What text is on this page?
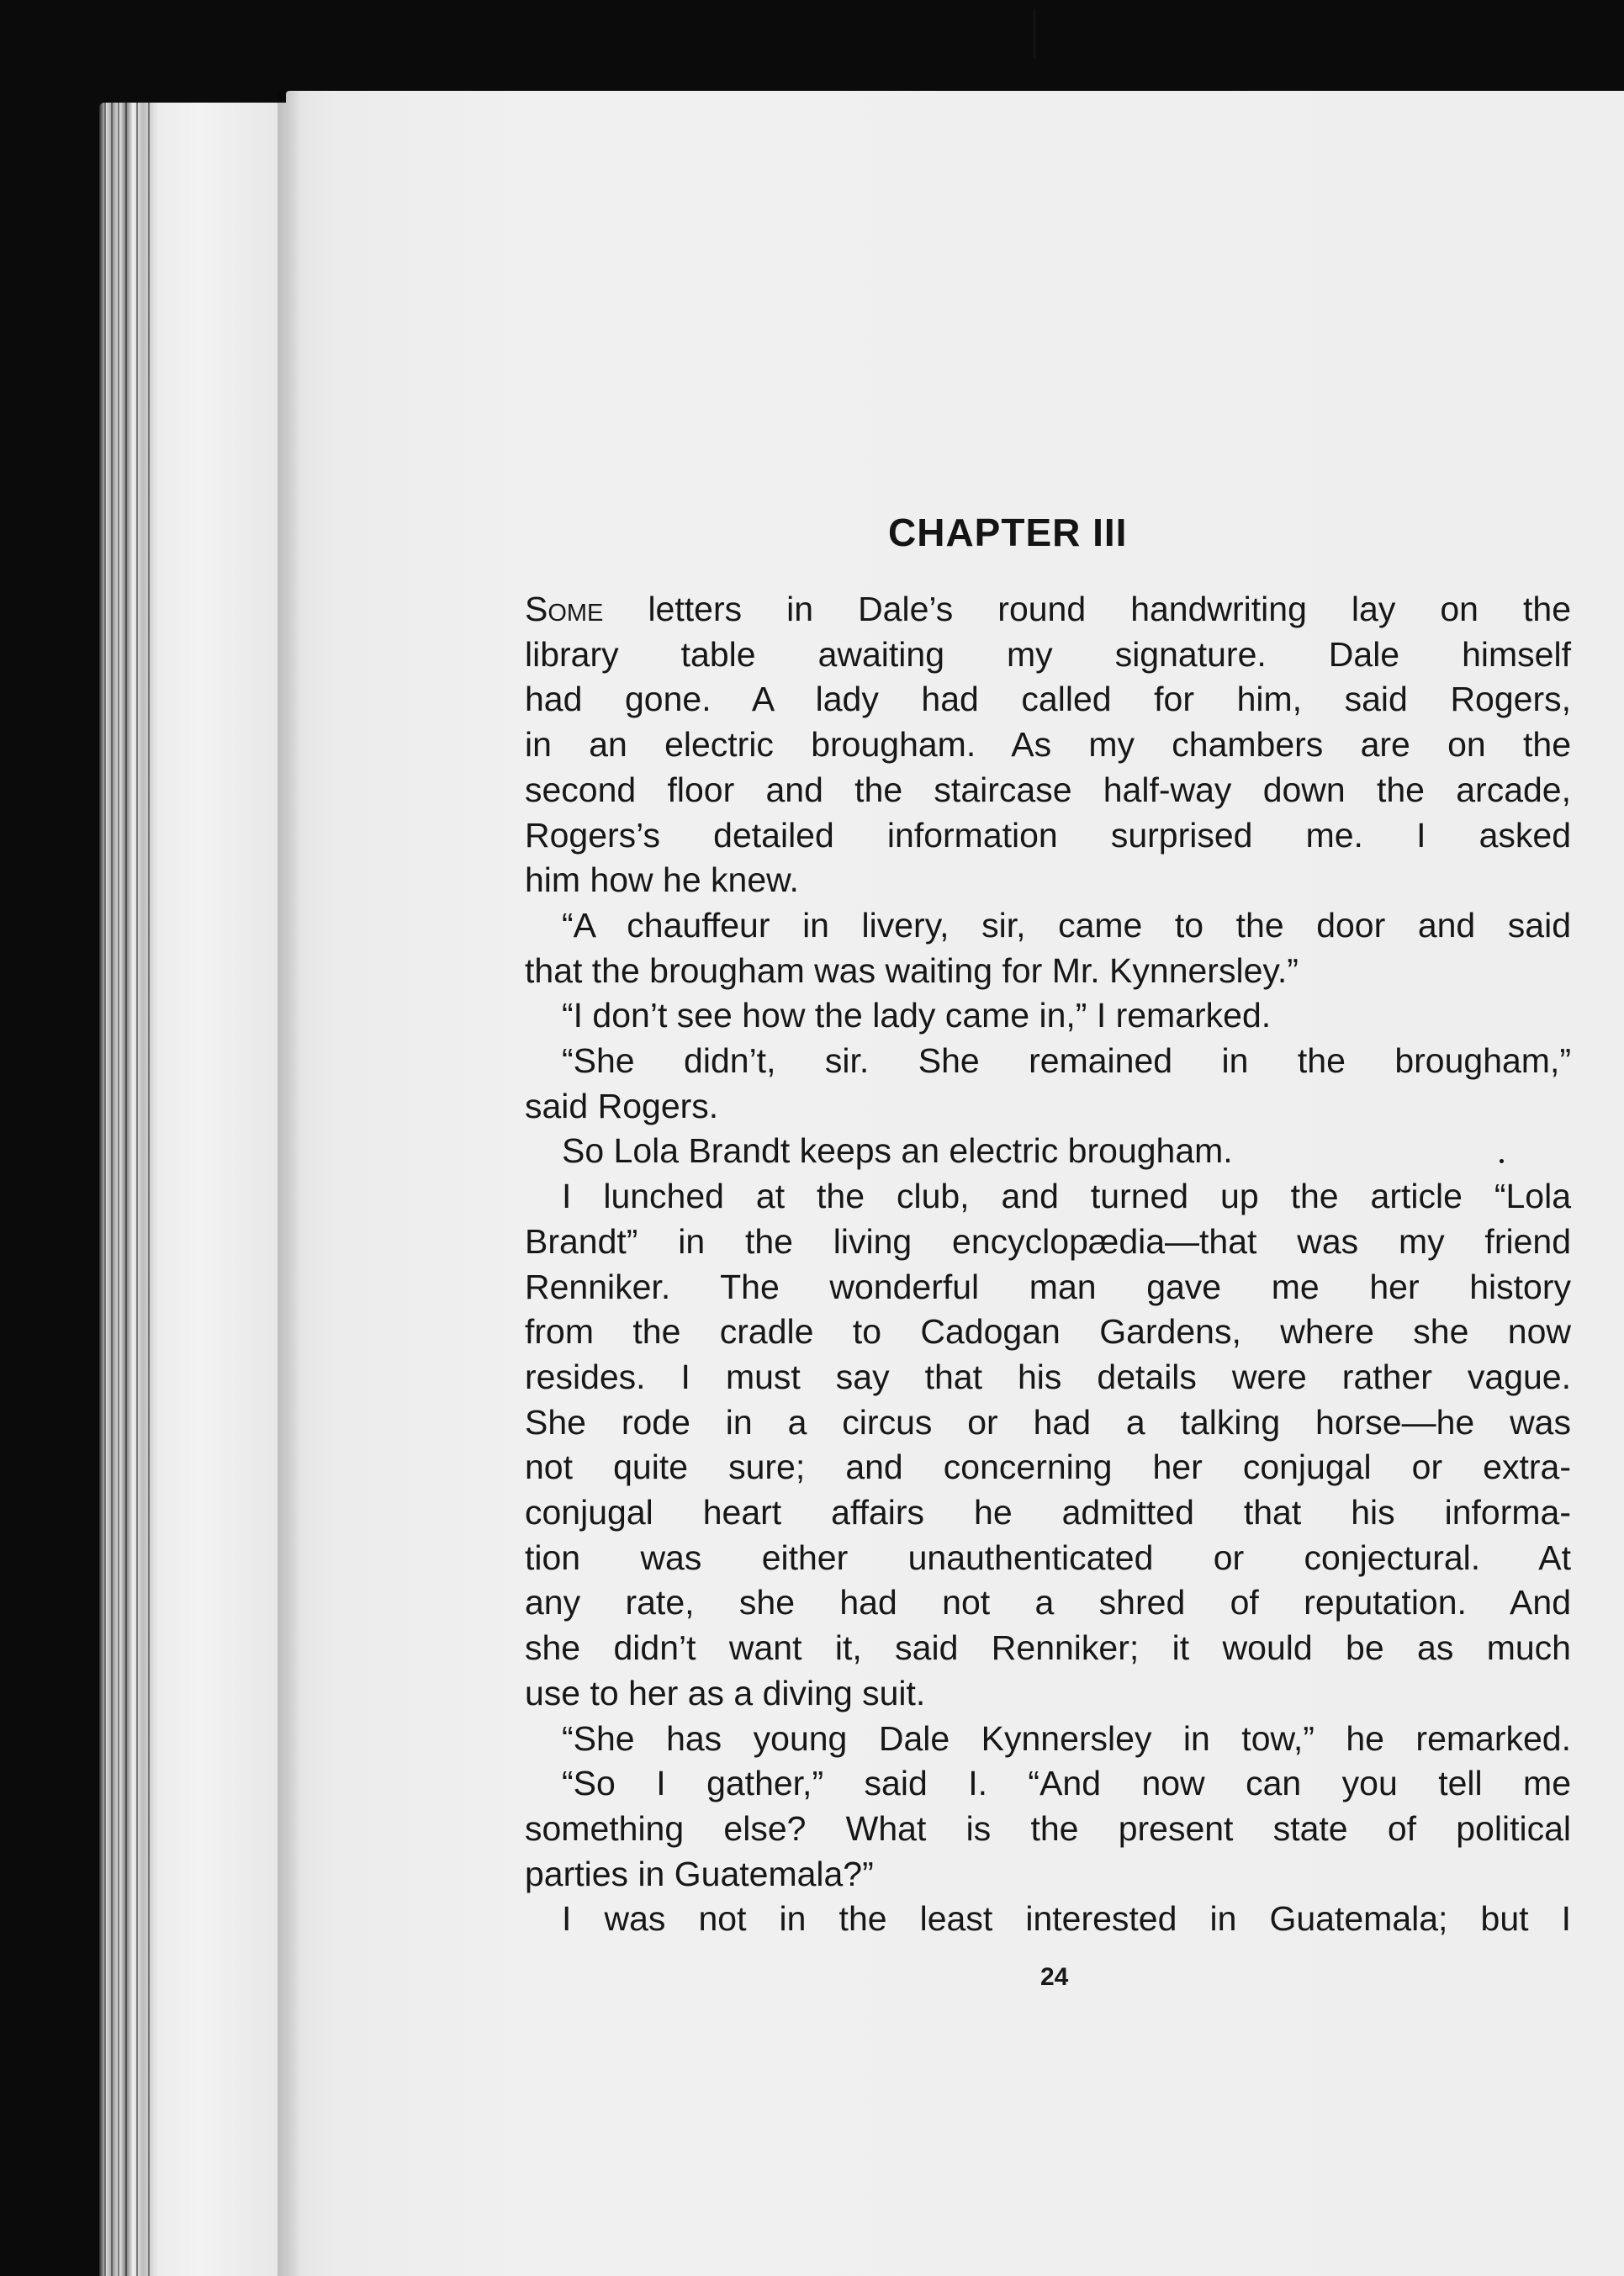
CHAPTER III
Some letters in Dale’s round handwriting lay on the
library table awaiting my signature. Dale himself
had gone. A lady had called for him, said Rogers,
in an electric brougham. As my chambers are on the
second floor and the staircase half-way down the arcade,
Rogers’s detailed information surprised me. I asked
him how he knew.
“A chauffeur in livery, sir, came to the door and said
that the brougham was waiting for Mr. Kynnersley.”
“I don’t see how the lady came in,” I remarked.
“She didn’t, sir. She remained in the brougham,”
said Rogers.
So Lola Brandt keeps an electric brougham.
I lunched at the club, and turned up the article “Lola
Brandt” in the living encyclopædia—that was my friend
Renniker. The wonderful man gave me her history
from the cradle to Cadogan Gardens, where she now
resides. I must say that his details were rather vague.
She rode in a circus or had a talking horse—he was
not quite sure; and concerning her conjugal or extra-
conjugal heart affairs he admitted that his informa-
tion was either unauthenticated or conjectural. At
any rate, she had not a shred of reputation. And
she didn’t want it, said Renniker; it would be as much
use to her as a diving suit.
“She has young Dale Kynnersley in tow,” he remarked.
“So I gather,” said I. “And now can you tell me
something else? What is the present state of political
parties in Guatemala?”
I was not in the least interested in Guatemala; but I
24
